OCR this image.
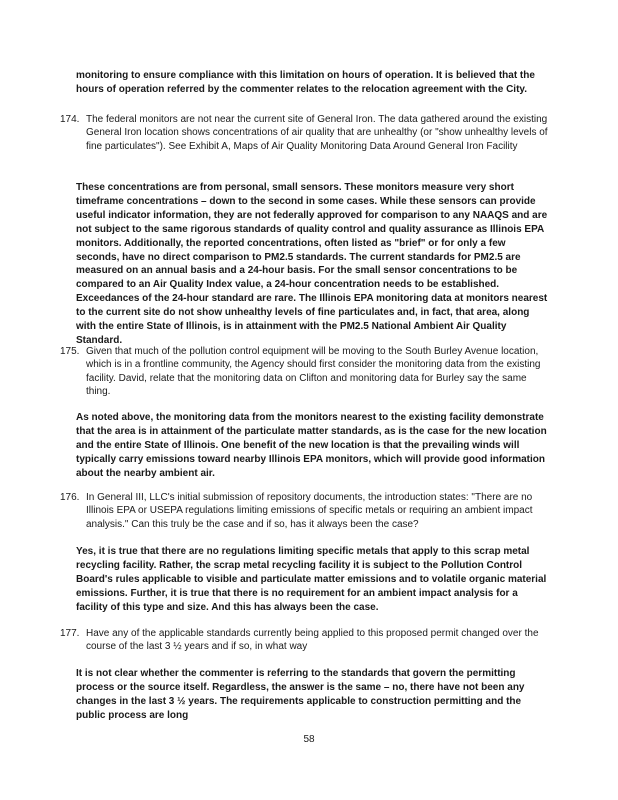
monitoring to ensure compliance with this limitation on hours of operation. It is believed that the hours of operation referred by the commenter relates to the relocation agreement with the City.

174. The federal monitors are not near the current site of General Iron. The data gathered around the existing General Iron location shows concentrations of air quality that are unhealthy (or "show unhealthy levels of fine particulates"). See Exhibit A, Maps of Air Quality Monitoring Data Around General Iron Facility

These concentrations are from personal, small sensors. These monitors measure very short timeframe concentrations – down to the second in some cases. While these sensors can provide useful indicator information, they are not federally approved for comparison to any NAAQS and are not subject to the same rigorous standards of quality control and quality assurance as Illinois EPA monitors. Additionally, the reported concentrations, often listed as "brief" or for only a few seconds, have no direct comparison to PM2.5 standards. The current standards for PM2.5 are measured on an annual basis and a 24-hour basis. For the small sensor concentrations to be compared to an Air Quality Index value, a 24-hour concentration needs to be established. Exceedances of the 24-hour standard are rare. The Illinois EPA monitoring data at monitors nearest to the current site do not show unhealthy levels of fine particulates and, in fact, that area, along with the entire State of Illinois, is in attainment with the PM2.5 National Ambient Air Quality Standard.

175. Given that much of the pollution control equipment will be moving to the South Burley Avenue location, which is in a frontline community, the Agency should first consider the monitoring data from the existing facility. David, relate that the monitoring data on Clifton and monitoring data for Burley say the same thing.

As noted above, the monitoring data from the monitors nearest to the existing facility demonstrate that the area is in attainment of the particulate matter standards, as is the case for the new location and the entire State of Illinois. One benefit of the new location is that the prevailing winds will typically carry emissions toward nearby Illinois EPA monitors, which will provide good information about the nearby ambient air.

176. In General III, LLC's initial submission of repository documents, the introduction states: "There are no Illinois EPA or USEPA regulations limiting emissions of specific metals or requiring an ambient impact analysis." Can this truly be the case and if so, has it always been the case?

Yes, it is true that there are no regulations limiting specific metals that apply to this scrap metal recycling facility. Rather, the scrap metal recycling facility it is subject to the Pollution Control Board's rules applicable to visible and particulate matter emissions and to volatile organic material emissions. Further, it is true that there is no requirement for an ambient impact analysis for a facility of this type and size. And this has always been the case.

177. Have any of the applicable standards currently being applied to this proposed permit changed over the course of the last 3 ½ years and if so, in what way

It is not clear whether the commenter is referring to the standards that govern the permitting process or the source itself. Regardless, the answer is the same – no, there have not been any changes in the last 3 ½ years. The requirements applicable to construction permitting and the public process are long

58
